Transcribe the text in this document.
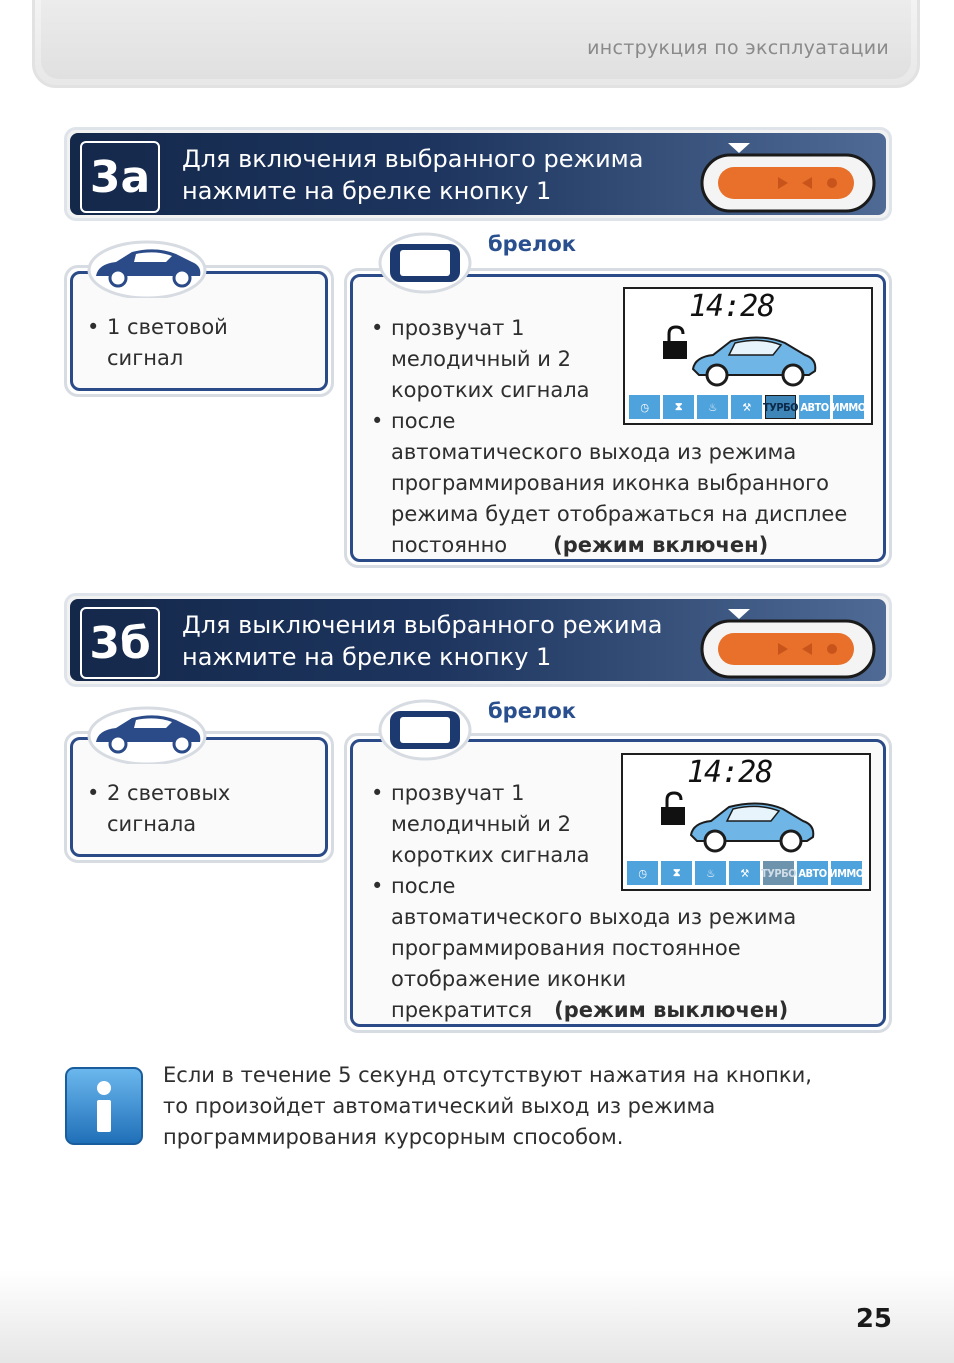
инструкция по эксплуатации
3а	Для включения выбранного режима
нажмите на брелке кнопку 1
• 1 световой
сигнал
брелок
• прозвучат 1
мелодичный и 2
коротких сигнала
• после
автоматического выхода из режима
программирования иконка выбранного
режима будет отображаться на дисплее
постоянно (режим включен)
14:28
◷	⧗	♨	⚒	ТУРБО АВТО ИММО
3б	Для выключения выбранного режима
нажмите на брелке кнопку 1
• 2 световых
сигнала
брелок
• прозвучат 1
мелодичный и 2
коротких сигнала
• после
автоматического выхода из режима
программирования постоянное
отображение иконки
прекратится (режим выключен)
14:28
◷	⧗	♨	⚒	ТУРБО АВТО ИММО
Если в течение 5 секунд отсутствуют нажатия на кнопки,
то произойдет автоматический выход из режима
программирования курсорным способом.
25
